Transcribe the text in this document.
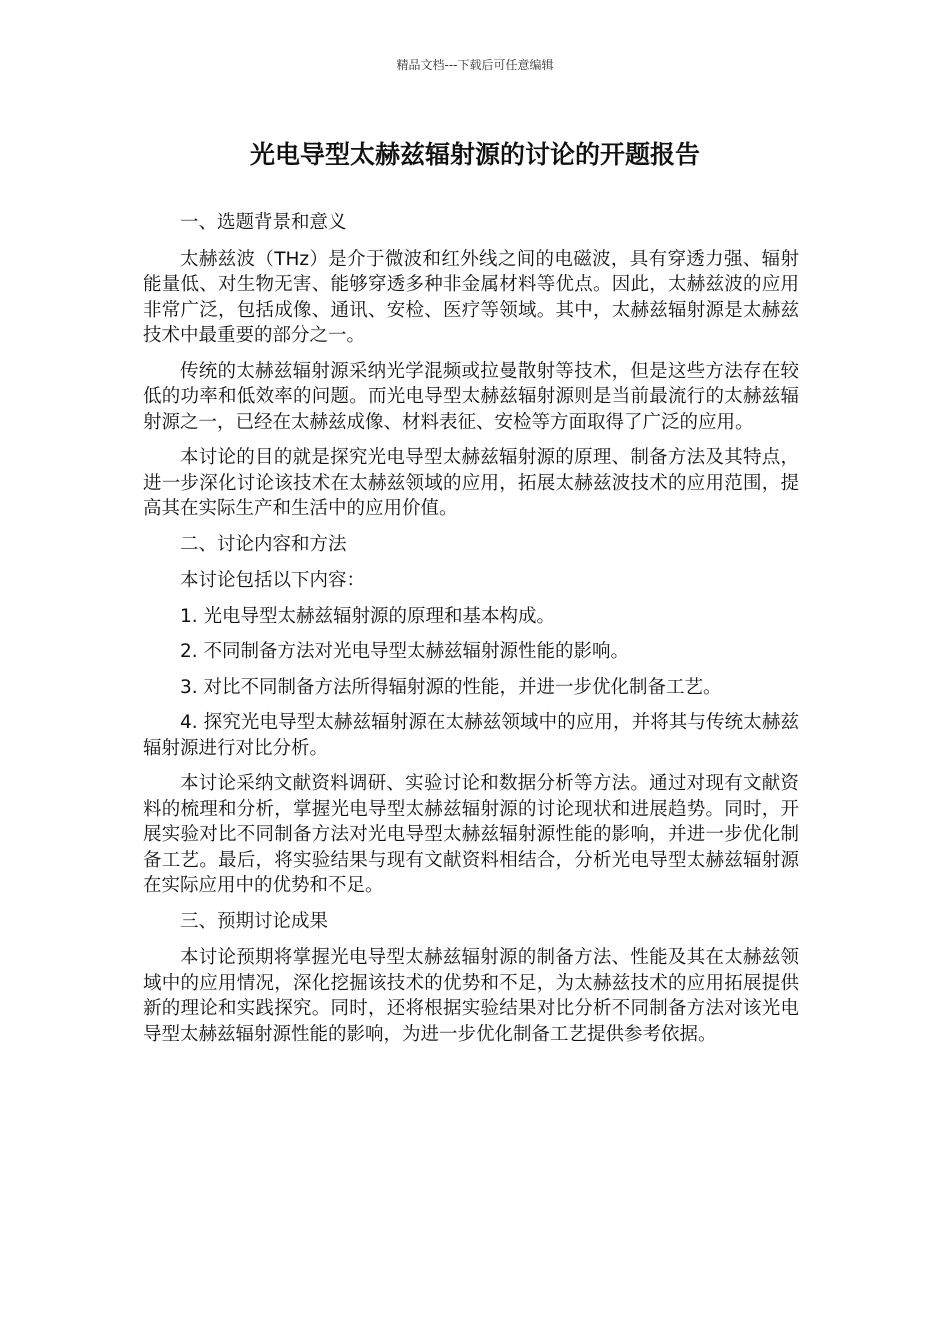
精品文档---下载后可任意编辑
光电导型太赫兹辐射源的讨论的开题报告

一、选题背景和意义

太赫兹波（THz）是介于微波和红外线之间的电磁波，具有穿透力强、辐射能量低、对生物无害、能够穿透多种非金属材料等优点。因此，太赫兹波的应用非常广泛，包括成像、通讯、安检、医疗等领域。其中，太赫兹辐射源是太赫兹技术中最重要的部分之一。

传统的太赫兹辐射源采纳光学混频或拉曼散射等技术，但是这些方法存在较低的功率和低效率的问题。而光电导型太赫兹辐射源则是当前最流行的太赫兹辐射源之一，已经在太赫兹成像、材料表征、安检等方面取得了广泛的应用。

本讨论的目的就是探究光电导型太赫兹辐射源的原理、制备方法及其特点，进一步深化讨论该技术在太赫兹领域的应用，拓展太赫兹波技术的应用范围，提高其在实际生产和生活中的应用价值。

二、讨论内容和方法

本讨论包括以下内容：

1. 光电导型太赫兹辐射源的原理和基本构成。

2. 不同制备方法对光电导型太赫兹辐射源性能的影响。

3. 对比不同制备方法所得辐射源的性能，并进一步优化制备工艺。

4. 探究光电导型太赫兹辐射源在太赫兹领域中的应用，并将其与传统太赫兹辐射源进行对比分析。

本讨论采纳文献资料调研、实验讨论和数据分析等方法。通过对现有文献资料的梳理和分析，掌握光电导型太赫兹辐射源的讨论现状和进展趋势。同时，开展实验对比不同制备方法对光电导型太赫兹辐射源性能的影响，并进一步优化制备工艺。最后，将实验结果与现有文献资料相结合，分析光电导型太赫兹辐射源在实际应用中的优势和不足。

三、预期讨论成果

本讨论预期将掌握光电导型太赫兹辐射源的制备方法、性能及其在太赫兹领域中的应用情况，深化挖掘该技术的优势和不足，为太赫兹技术的应用拓展提供新的理论和实践探究。同时，还将根据实验结果对比分析不同制备方法对该光电导型太赫兹辐射源性能的影响，为进一步优化制备工艺提供参考依据。
